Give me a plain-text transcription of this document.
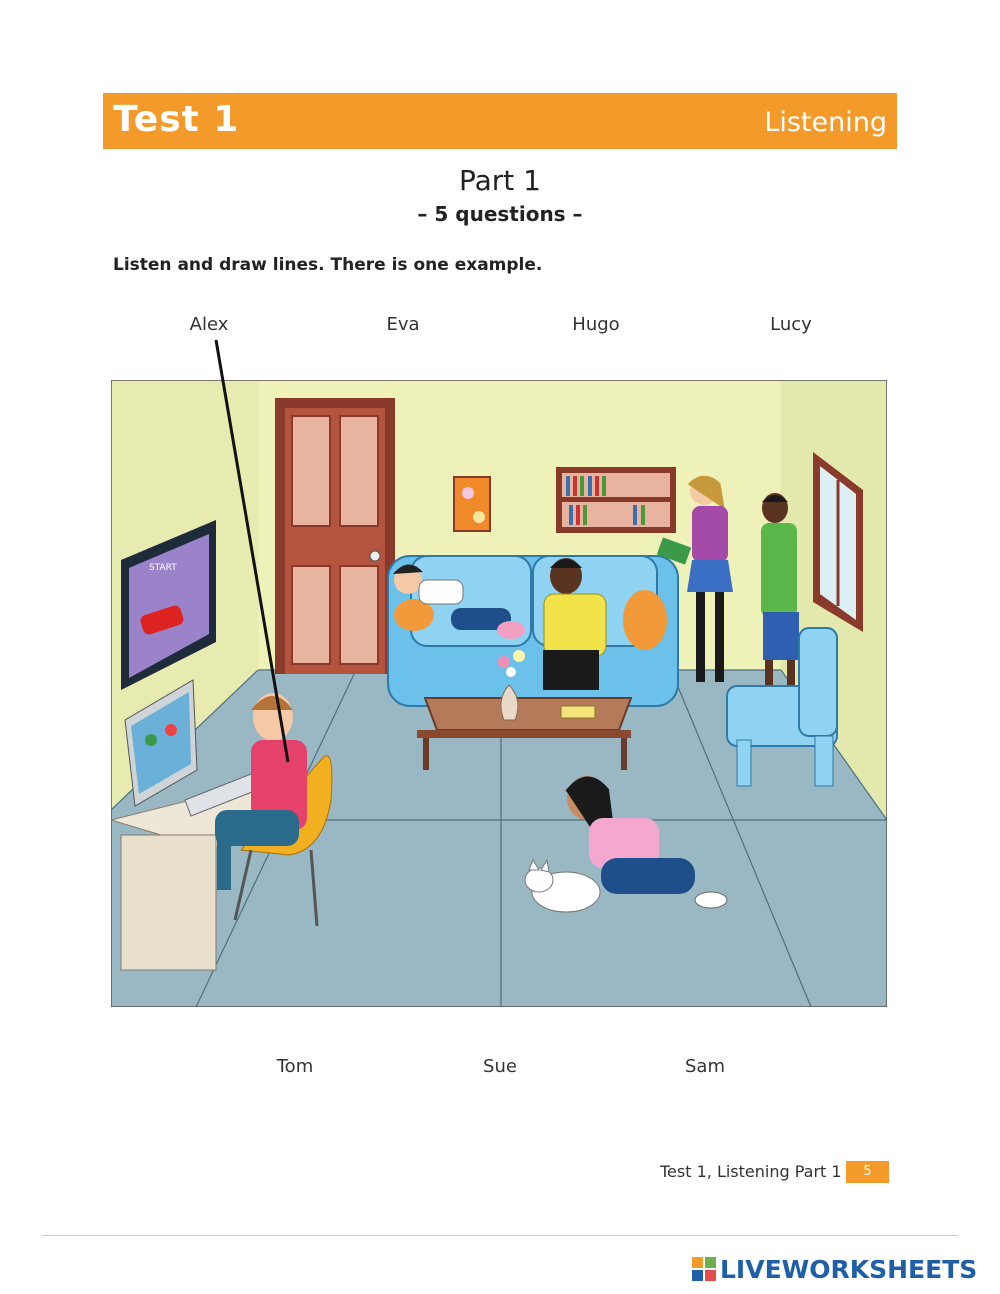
Test 1	Listening
Part 1
– 5 questions –
Listen and draw lines. There is one example.
Alex	Eva	Hugo	Lucy
Tom	Sue	Sam
START
Test 1, Listening Part 1	5
LIVEWORKSHEETS
